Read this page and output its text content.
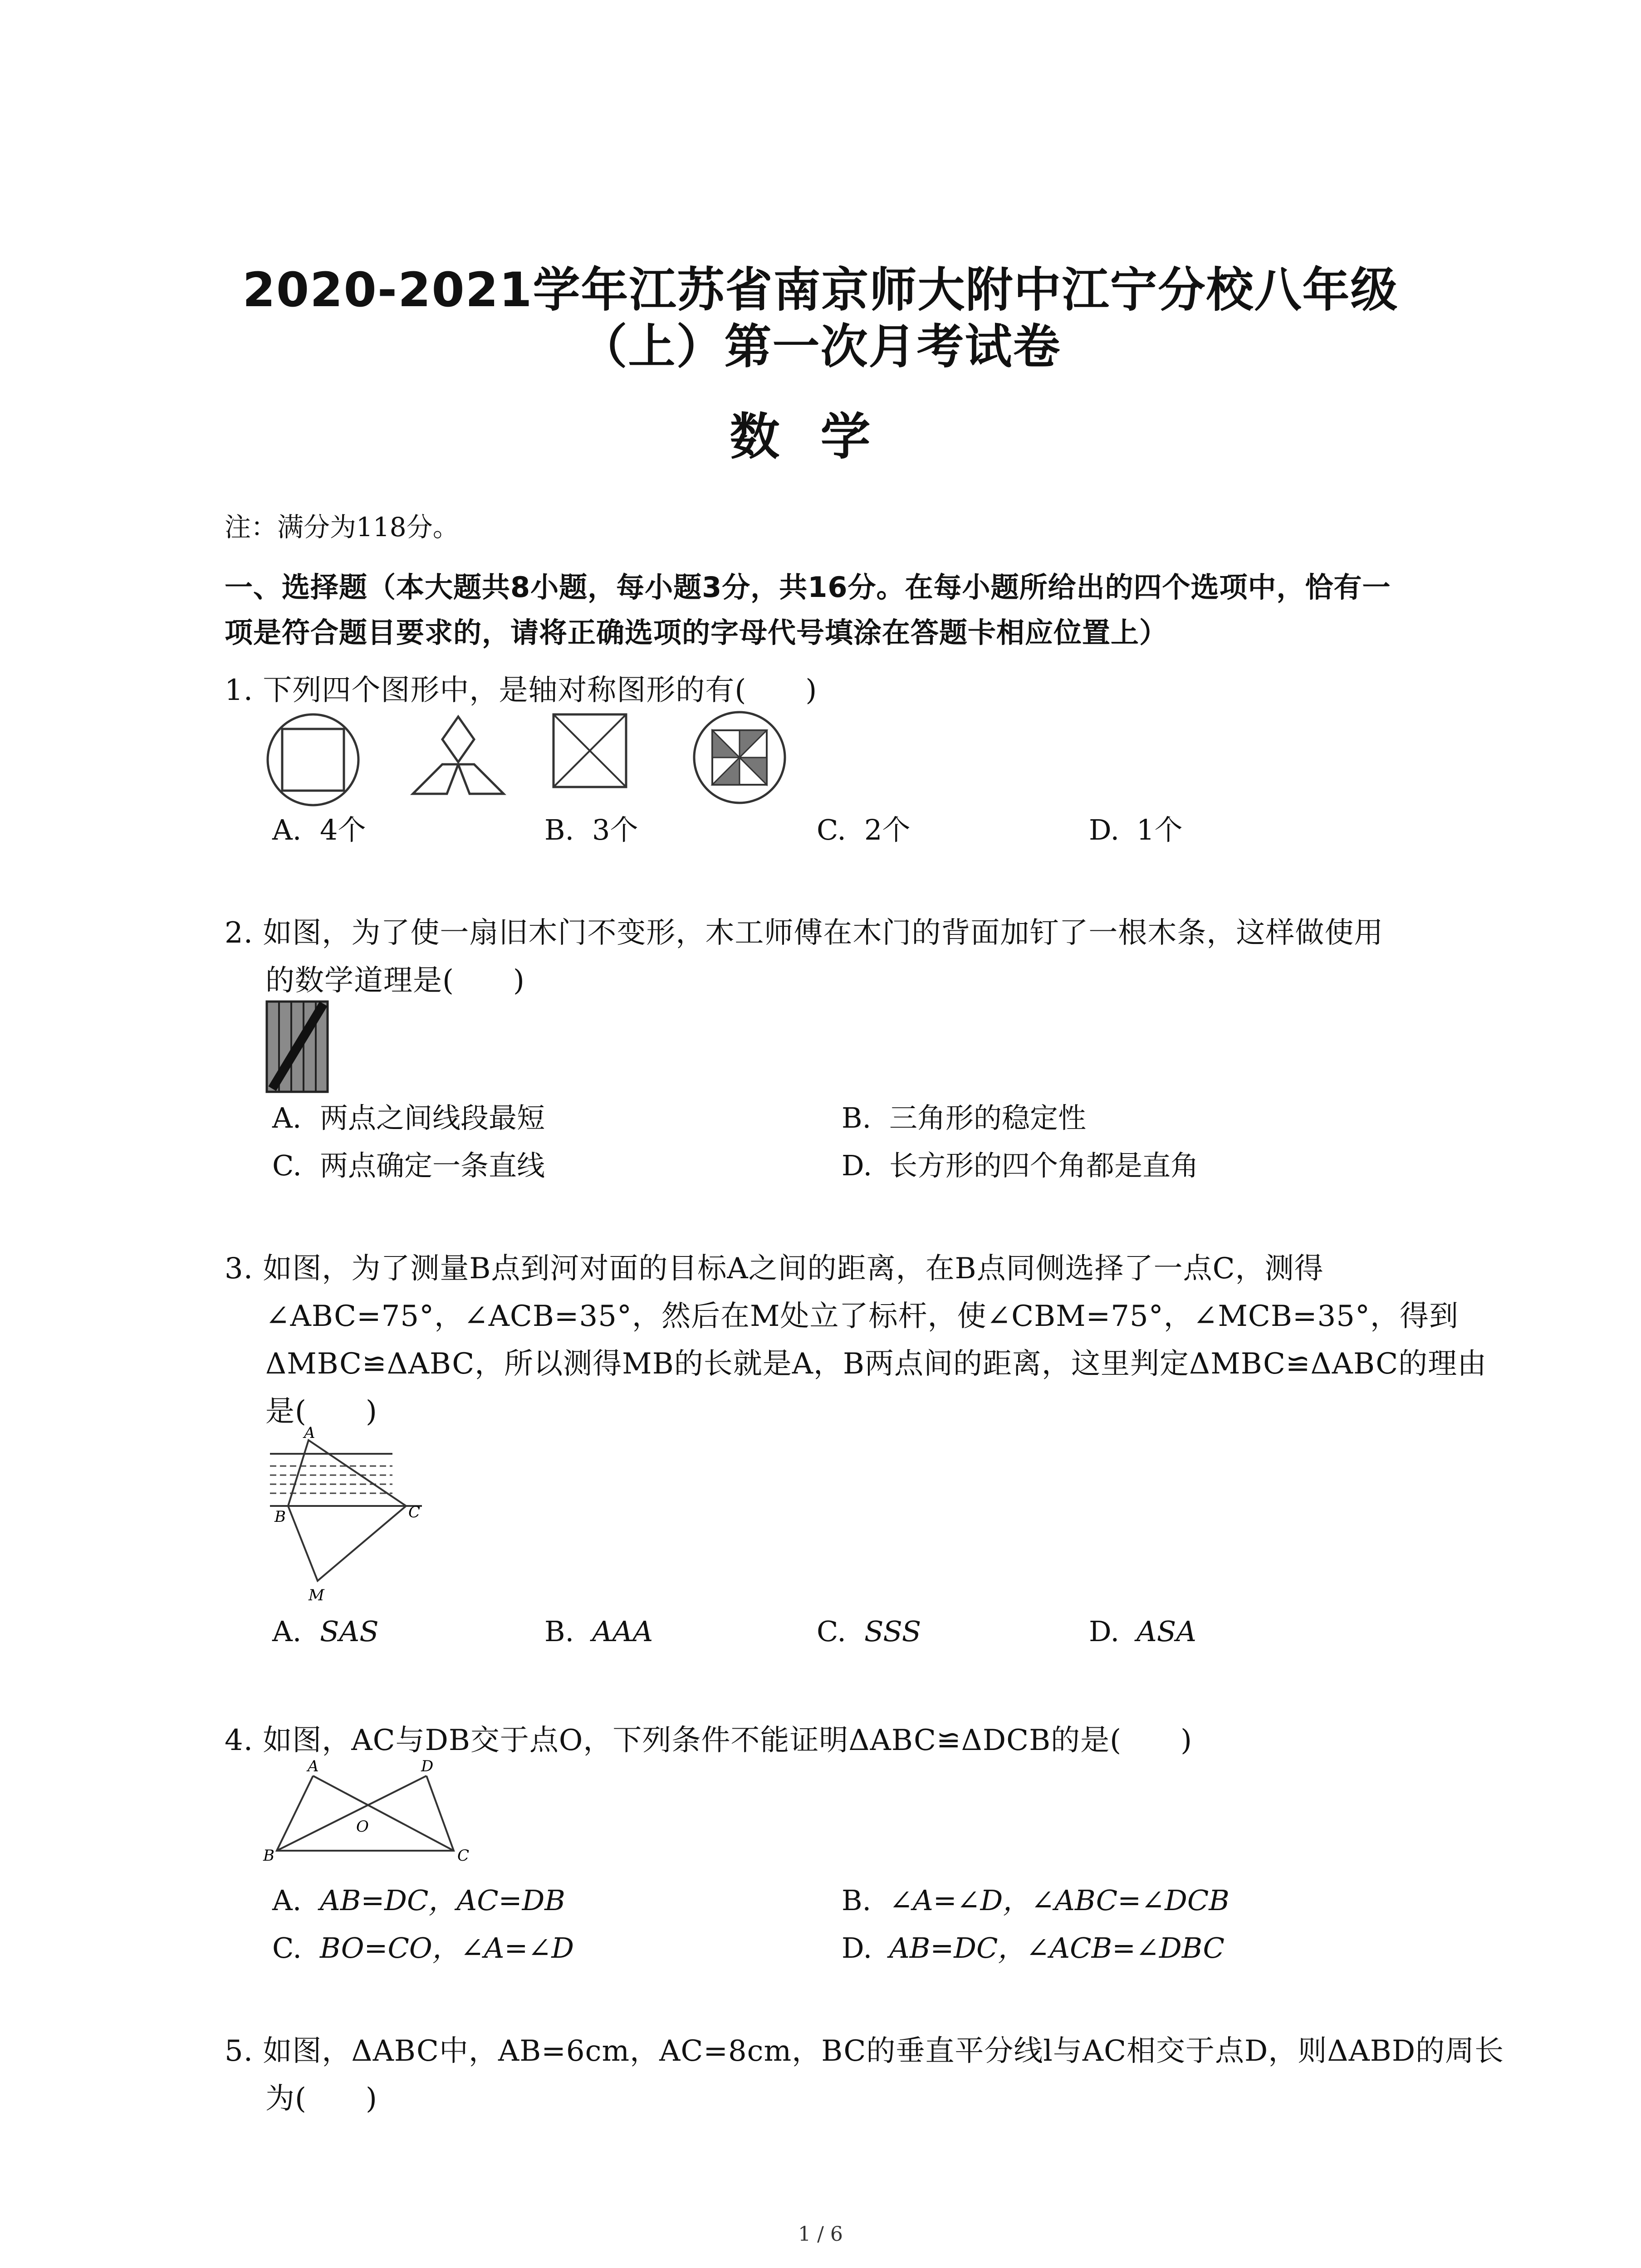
2020-2021学年江苏省南京师大附中江宁分校八年级
（上）第一次月考试卷
数学
注：满分为118分。
一、选择题（本大题共8小题，每小题3分，共16分。在每小题所给出的四个选项中，恰有一
项是符合题目要求的，请将正确选项的字母代号填涂在答题卡相应位置上）
1. 下列四个图形中，是轴对称图形的有(　　)
A. 4个	B. 3个	C. 2个	D. 1个
2. 如图，为了使一扇旧木门不变形，木工师傅在木门的背面加钉了一根木条，这样做使用
的数学道理是(　　)
A. 两点之间线段最短	B. 三角形的稳定性
C. 两点确定一条直线	D. 长方形的四个角都是直角
3. 如图，为了测量B点到河对面的目标A之间的距离，在B点同侧选择了一点C，测得
∠ABC=75°，∠ACB=35°，然后在M处立了标杆，使∠CBM=75°，∠MCB=35°，得到
ΔMBC≌ΔABC，所以测得MB的长就是A，B两点间的距离，这里判定ΔMBC≌ΔABC的理由
是(　　)
A
B	C
M
A. SAS	B. AAA	C. SSS	D. ASA
4. 如图，AC与DB交于点O，下列条件不能证明ΔABC≌ΔDCB的是(　　)
A	D
O
B	C
A. AB=DC，AC=DB	B. ∠A=∠D，∠ABC=∠DCB
C. BO=CO，∠A=∠D	D. AB=DC，∠ACB=∠DBC
5. 如图，ΔABC中，AB=6cm，AC=8cm，BC的垂直平分线l与AC相交于点D，则ΔABD的周长
为(　　)
1 / 6
